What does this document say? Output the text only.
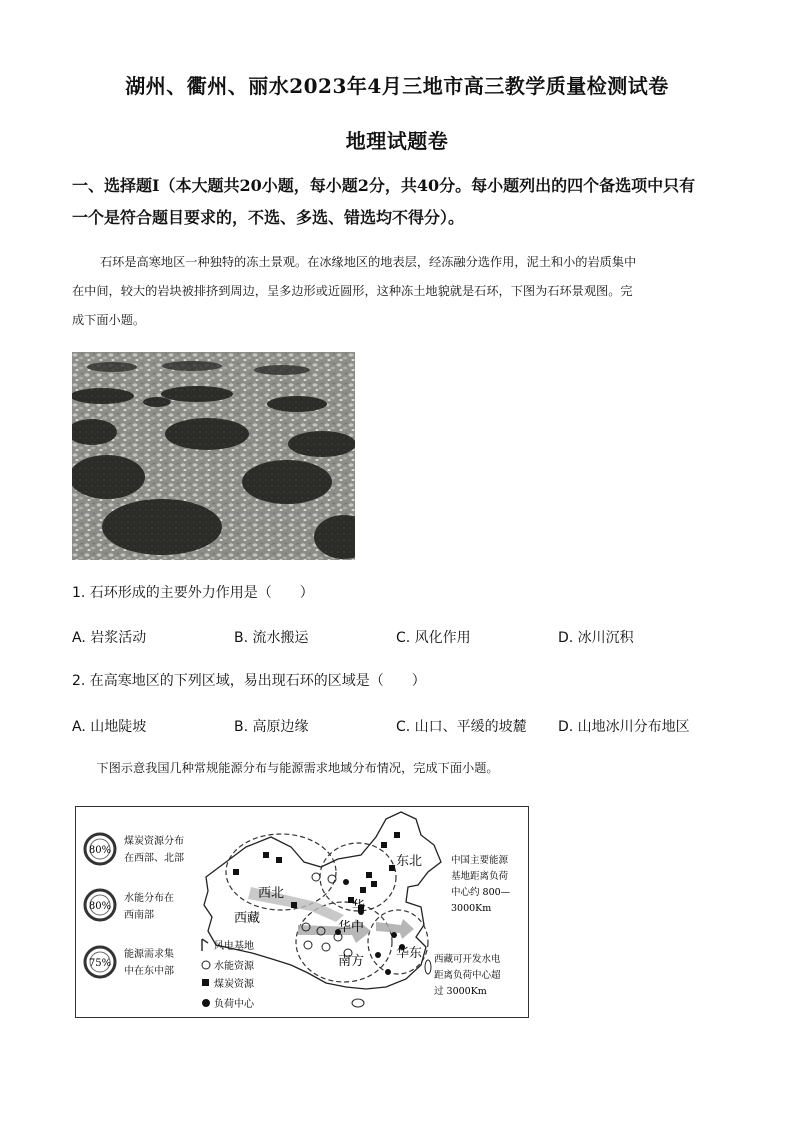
湖州、衢州、丽水2023年4月三地市高三教学质量检测试卷
地理试题卷
一、选择题Ⅰ（本大题共20小题，每小题2分，共40分。每小题列出的四个备选项中只有
一个是符合题目要求的，不选、多选、错选均不得分）。
石环是高寒地区一种独特的冻土景观。在冰缘地区的地表层，经冻融分选作用，泥土和小的岩质集中
在中间，较大的岩块被排挤到周边，呈多边形或近圆形，这种冻土地貌就是石环，下图为石环景观图。完
成下面小题。
1. 石环形成的主要外力作用是（　　）
A. 岩浆活动	B. 流水搬运	C. 风化作用	D. 冰川沉积
2. 在高寒地区的下列区域，易出现石环的区域是（　　）
A. 山地陡坡	B. 高原边缘	C. 山口、平缓的坡麓 D. 山地冰川分布地区
下图示意我国几种常规能源分布与能源需求地域分布情况，完成下面小题。
80%
煤炭资源分布
在西部、北部
80%
水能分布在
西南部
75%
能源需求集
中在东中部
西北
东北
西藏
华
华中
南方
华东
风电基地
水能资源
煤炭资源
负荷中心
中国主要能源
基地距离负荷
中心约 800—
3000Km
西藏可开发水电
距离负荷中心超
过 3000Km
